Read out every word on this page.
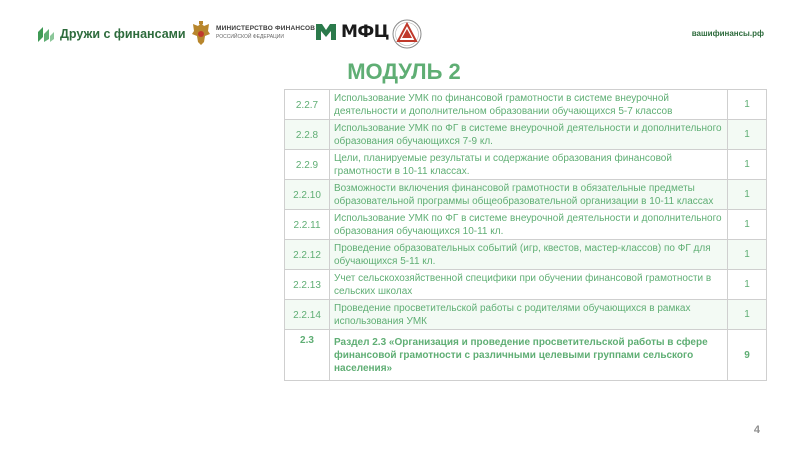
Дружи с финансами	МИНИСТЕРСТВО ФИНАНСОВ
РОССИЙСКОЙ ФЕДЕРАЦИИ	МФЦ	вашифинансы.рф
МОДУЛЬ 2
2.2.7	Использование УМК по финансовой грамотности в системе внеурочной деятельности и дополнительном образовании обучающихся 5-7 классов	1
2.2.8	Использование УМК по ФГ в системе внеурочной деятельности и дополнительного образования обучающихся 7-9 кл.	1
2.2.9	Цели, планируемые результаты и содержание образования финансовой грамотности в 10-11 классах.	1
2.2.10	Возможности включения финансовой грамотности в обязательные предметы образовательной программы общеобразовательной организации в 10-11 классах	1
2.2.11	Использование УМК по ФГ в системе внеурочной деятельности и дополнительного образования обучающихся 10-11 кл.	1
2.2.12	Проведение образовательных событий (игр, квестов, мастер-классов) по ФГ для обучающихся 5-11 кл.	1
2.2.13	Учет сельскохозяйственной специфики при обучении финансовой грамотности в сельских школах	1
2.2.14	Проведение просветительской работы с родителями обучающихся в рамках использования УМК	1
2.3	Раздел 2.3 «Организация и проведение просветительской работы в сфере финансовой грамотности с различными целевыми группами сельского населения»	9
4
